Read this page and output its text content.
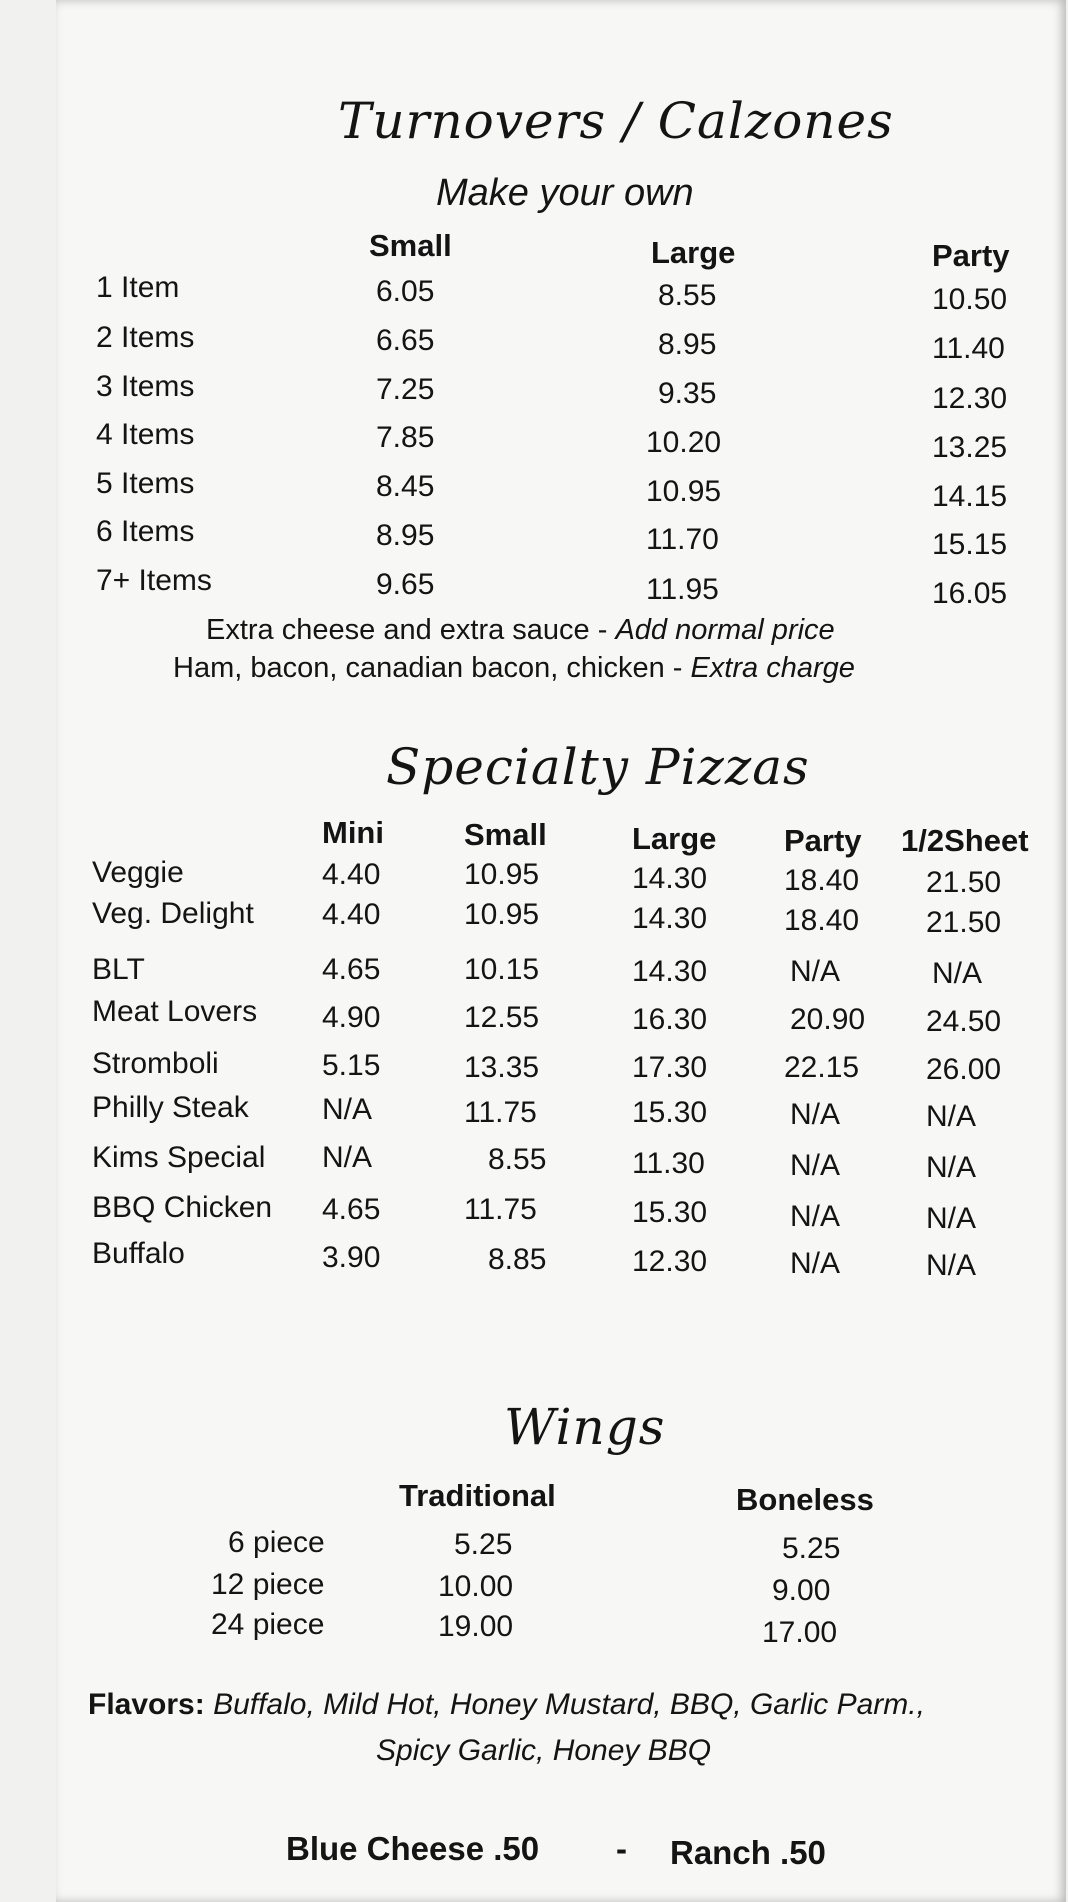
Turnovers / Calzones
Make your own
Small	Large	Party
1 Item	6.05	8.55	10.50
2 Items	6.65	8.95	11.40
3 Items	7.25	9.35	12.30
4 Items	7.85	10.20	13.25
5 Items	8.45	10.95	14.15
6 Items	8.95	11.70	15.15
7+ Items	9.65	11.95	16.05
Extra cheese and extra sauce - Add normal price
Ham, bacon, canadian bacon, chicken - Extra charge
Specialty Pizzas
Mini	Small	Large Party 1/2Sheet
Veggie	4.40	10.95	14.30	18.40 21.50
Veg. Delight 4.40	10.95	14.30	18.40 21.50
BLT	4.65	10.15	14.30	N/A	N/A
Meat Lovers 4.90	12.55	16.30	20.90 24.50
Stromboli	5.15	13.35	17.30	22.15 26.00
Philly Steak N/A	11.75	15.30	N/A	N/A
Kims Special N/A	8.55	11.30	N/A	N/A
BBQ Chicken 4.65	11.75	15.30	N/A	N/A
Buffalo	3.90	8.85	12.30	N/A	N/A
Wings
Traditional	Boneless
6 piece	5.25	5.25
12 piece	10.00	9.00
24 piece	19.00	17.00
Flavors: Buffalo, Mild Hot, Honey Mustard, BBQ, Garlic Parm.,
Spicy Garlic, Honey BBQ
Blue Cheese .50 - Ranch .50
